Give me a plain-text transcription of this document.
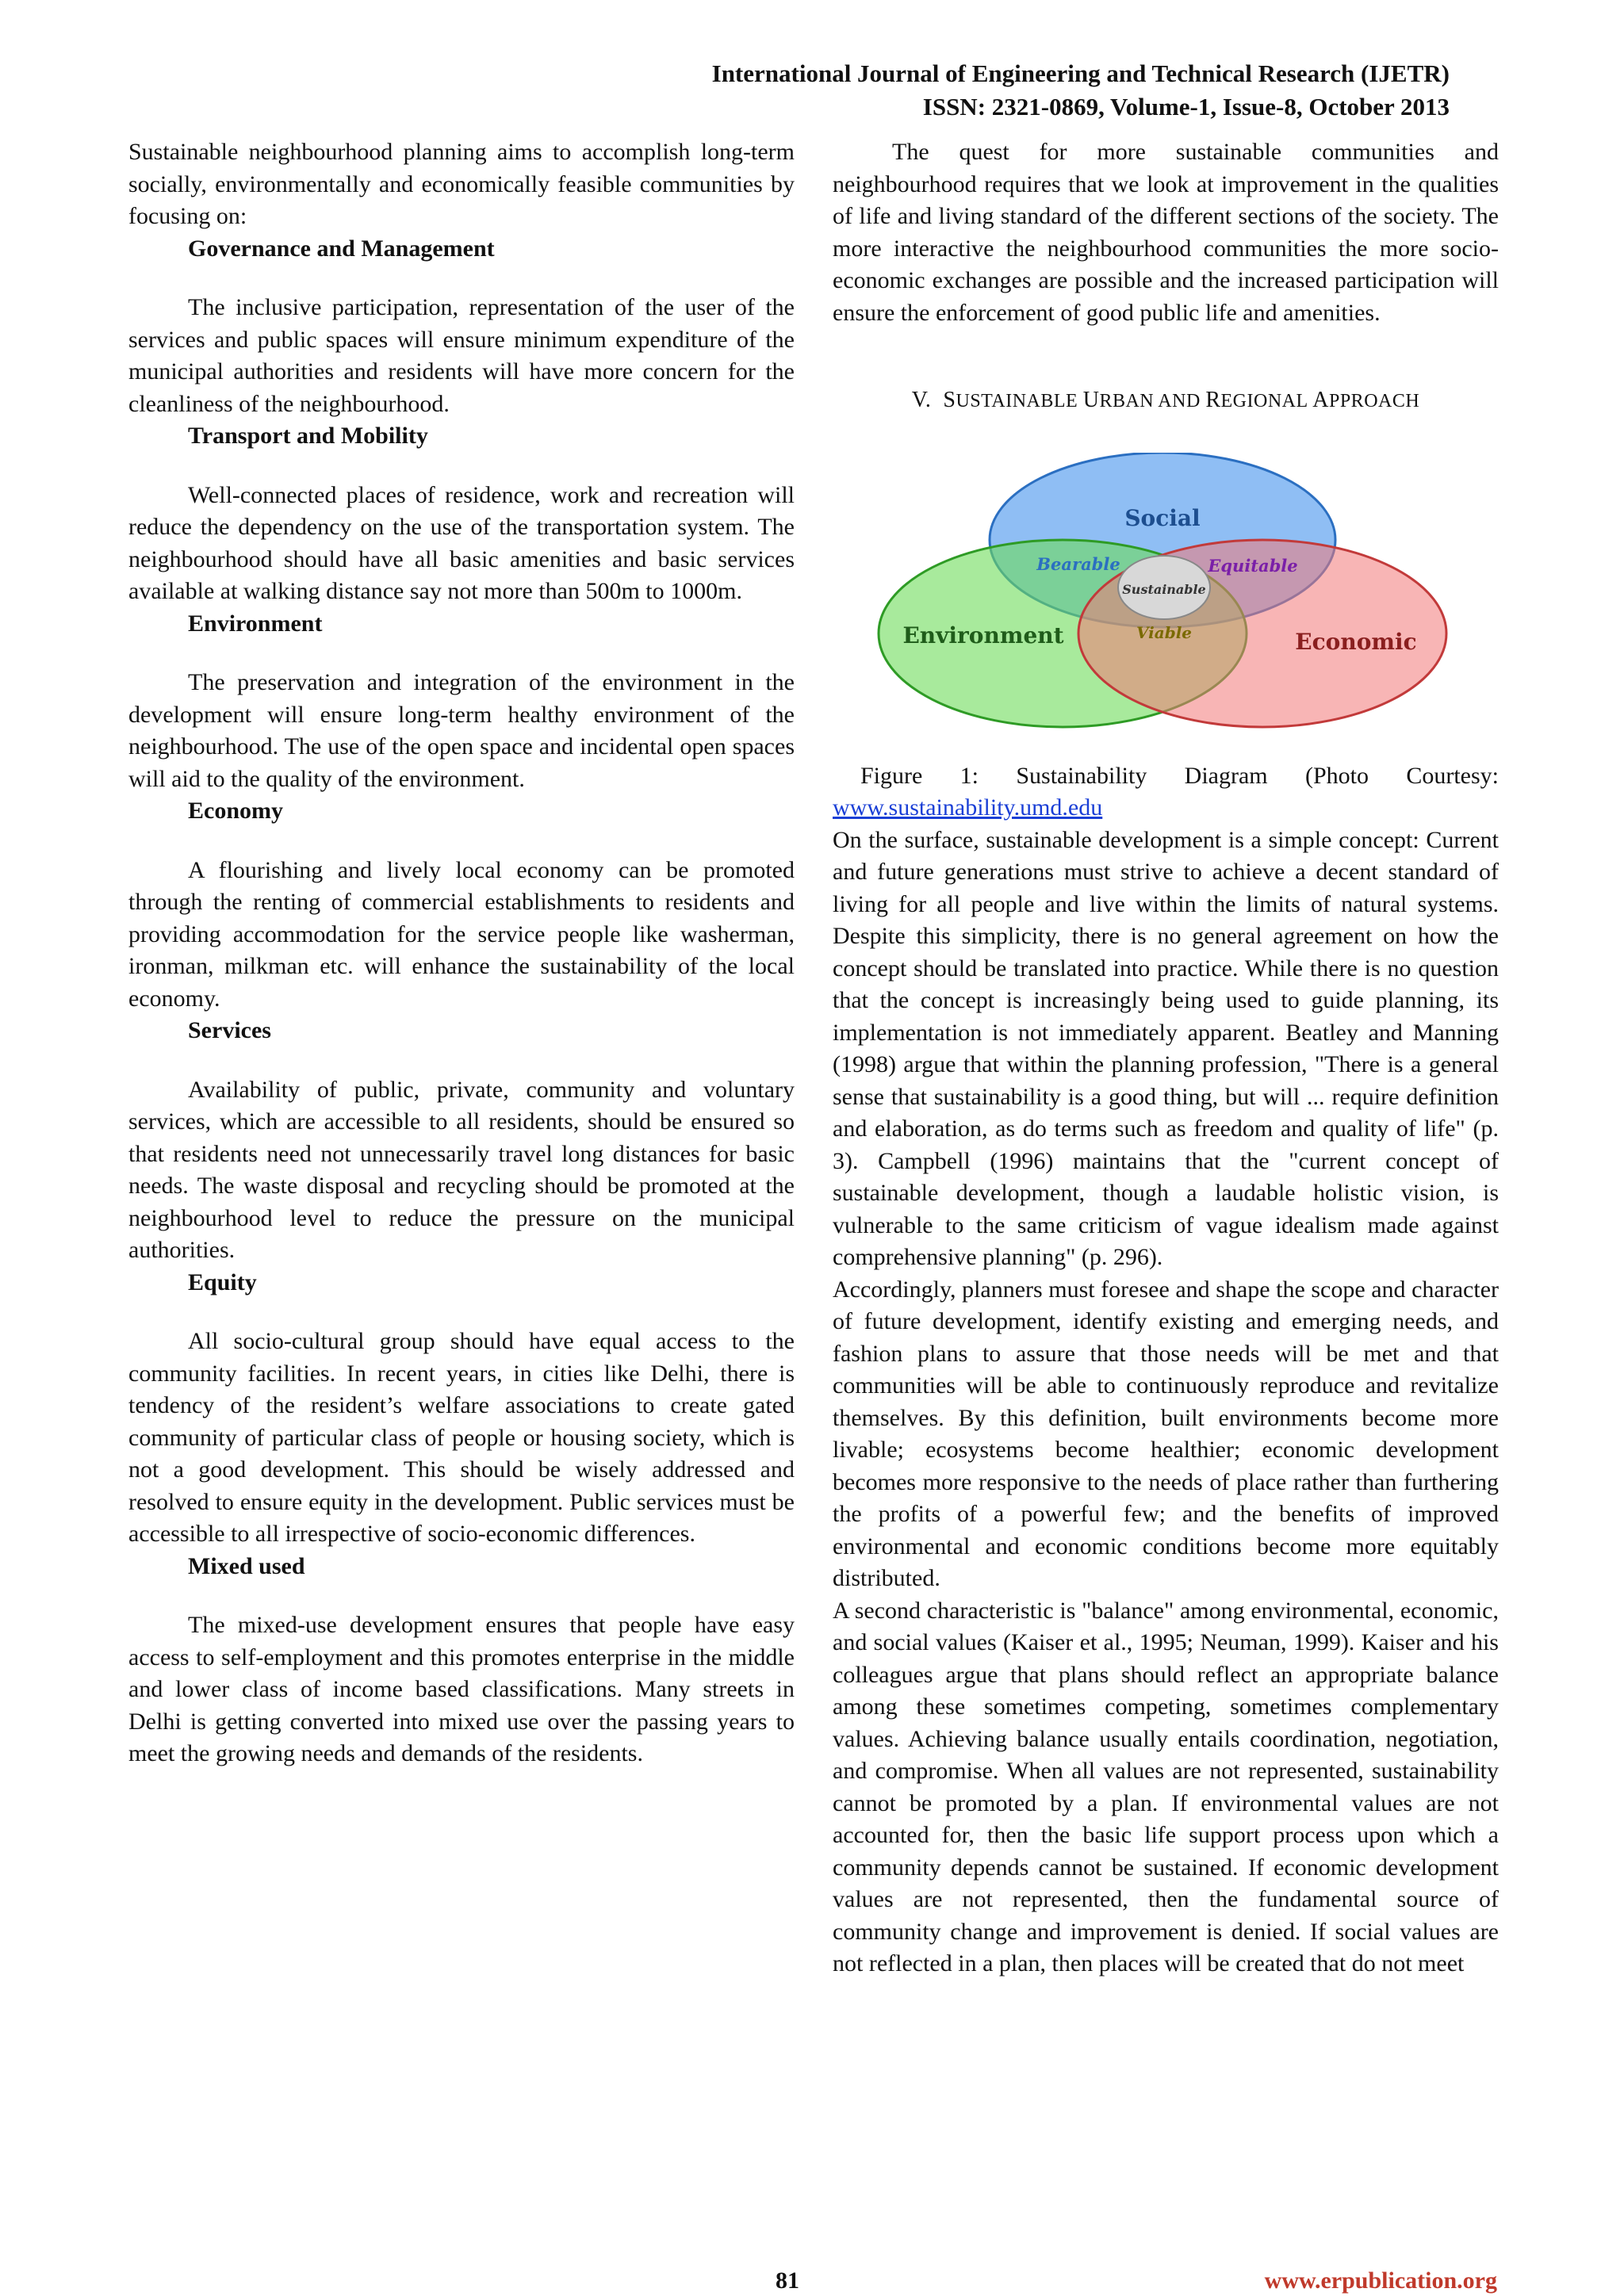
International Journal of Engineering and Technical Research (IJETR)
ISSN: 2321-0869, Volume-1, Issue-8, October 2013

Sustainable neighbourhood planning aims to accomplish long-term socially, environmentally and economically feasible communities by focusing on:

Governance and Management

The inclusive participation, representation of the user of the services and public spaces will ensure minimum expenditure of the municipal authorities and residents will have more concern for the cleanliness of the neighbourhood.

Transport and Mobility

Well-connected places of residence, work and recreation will reduce the dependency on the use of the transportation system. The neighbourhood should have all basic amenities and basic services available at walking distance say not more than 500m to 1000m.

Environment

The preservation and integration of the environment in the development will ensure long-term healthy environment of the neighbourhood. The use of the open space and incidental open spaces will aid to the quality of the environment.

Economy

A flourishing and lively local economy can be promoted through the renting of commercial establishments to residents and providing accommodation for the service people like washerman, ironman, milkman etc. will enhance the sustainability of the local economy.

Services

Availability of public, private, community and voluntary services, which are accessible to all residents, should be ensured so that residents need not unnecessarily travel long distances for basic needs. The waste disposal and recycling should be promoted at the neighbourhood level to reduce the pressure on the municipal authorities.

Equity

All socio-cultural group should have equal access to the community facilities. In recent years, in cities like Delhi, there is tendency of the resident’s welfare associations to create gated community of particular class of people or housing society, which is not a good development. This should be wisely addressed and resolved to ensure equity in the development. Public services must be accessible to all irrespective of socio-economic differences.

Mixed used

The mixed-use development ensures that people have easy access to self-employment and this promotes enterprise in the middle and lower class of income based classifications. Many streets in Delhi is getting converted into mixed use over the passing years to meet the growing needs and demands of the residents.

The quest for more sustainable communities and neighbourhood requires that we look at improvement in the qualities of life and living standard of the different sections of the society. The more interactive the neighbourhood communities the more socio-economic exchanges are possible and the increased participation will ensure the enforcement of good public life and amenities.

V. SUSTAINABLE URBAN AND REGIONAL APPROACH

Social
Environment	Economic
Bearable	Equitable
Viable
Sustainable

Figure 1: Sustainability Diagram (Photo Courtesy: www.sustainability.umd.edu

On the surface, sustainable development is a simple concept: Current and future generations must strive to achieve a decent standard of living for all people and live within the limits of natural systems. Despite this simplicity, there is no general agreement on how the concept should be translated into practice. While there is no question that the concept is increasingly being used to guide planning, its implementation is not immediately apparent. Beatley and Manning (1998) argue that within the planning profession, "There is a general sense that sustainability is a good thing, but will ... require definition and elaboration, as do terms such as freedom and quality of life" (p. 3). Campbell (1996) maintains that the "current concept of sustainable development, though a laudable holistic vision, is vulnerable to the same criticism of vague idealism made against comprehensive planning" (p. 296).

Accordingly, planners must foresee and shape the scope and character of future development, identify existing and emerging needs, and fashion plans to assure that those needs will be met and that communities will be able to continuously reproduce and revitalize themselves. By this definition, built environments become more livable; ecosystems become healthier; economic development becomes more responsive to the needs of place rather than furthering the profits of a powerful few; and the benefits of improved environmental and economic conditions become more equitably distributed.

A second characteristic is "balance" among environmental, economic, and social values (Kaiser et al., 1995; Neuman, 1999). Kaiser and his colleagues argue that plans should reflect an appropriate balance among these sometimes competing, sometimes complementary values. Achieving balance usually entails coordination, negotiation, and compromise. When all values are not represented, sustainability cannot be promoted by a plan. If environmental values are not accounted for, then the basic life support process upon which a community depends cannot be sustained. If economic development values are not represented, then the fundamental source of community change and improvement is denied. If social values are not reflected in a plan, then places will be created that do not meet

81	www.erpublication.org
